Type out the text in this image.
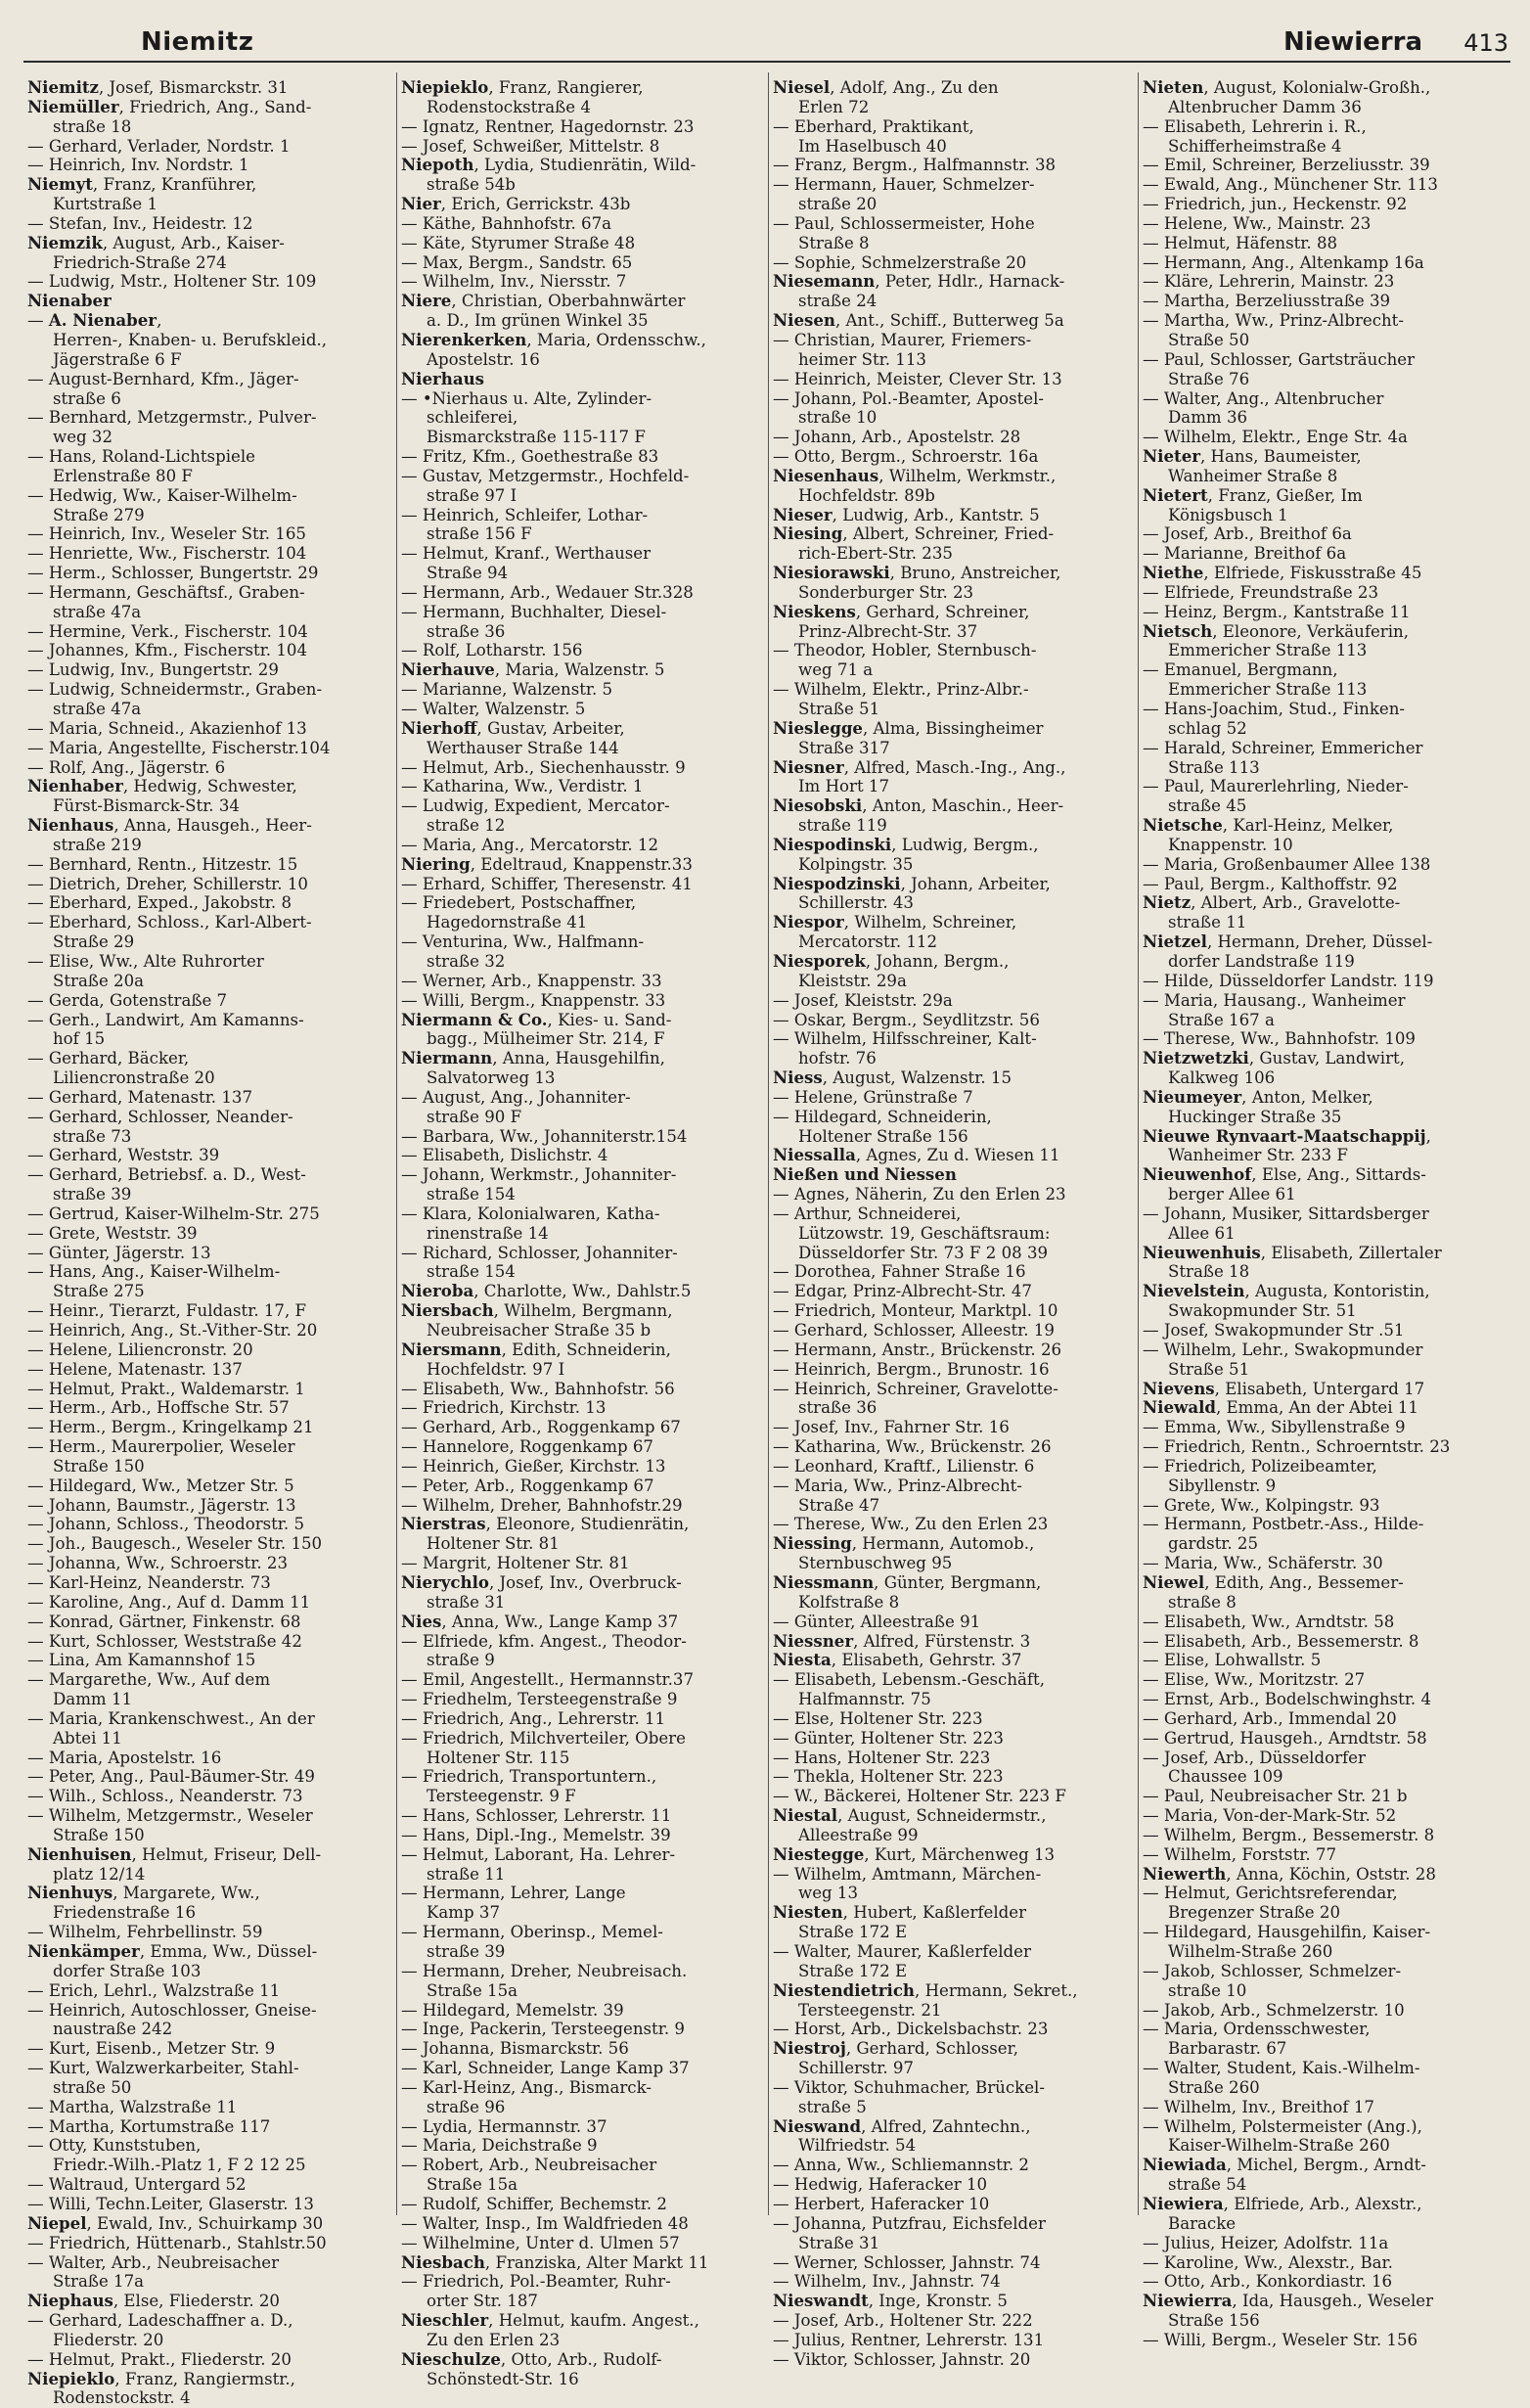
Niemitz	Niewierra 413
Niemitz, Josef, Bismarckstr. 31
Niemüller, Friedrich, Ang., Sand-
straße 18
— Gerhard, Verlader, Nordstr. 1
— Heinrich, Inv. Nordstr. 1
Niemyt, Franz, Kranführer,
Kurtstraße 1
— Stefan, Inv., Heidestr. 12
Niemzik, August, Arb., Kaiser-
Friedrich-Straße 274
— Ludwig, Mstr., Holtener Str. 109
Nienaber
— A. Nienaber,
Herren-, Knaben- u. Berufskleid.,
Jägerstraße 6 F
— August-Bernhard, Kfm., Jäger-
straße 6
— Bernhard, Metzgermstr., Pulver-
weg 32
— Hans, Roland-Lichtspiele
Erlenstraße 80 F
— Hedwig, Ww., Kaiser-Wilhelm-
Straße 279
— Heinrich, Inv., Weseler Str. 165
— Henriette, Ww., Fischerstr. 104
— Herm., Schlosser, Bungertstr. 29
— Hermann, Geschäftsf., Graben-
straße 47a
— Hermine, Verk., Fischerstr. 104
— Johannes, Kfm., Fischerstr. 104
— Ludwig, Inv., Bungertstr. 29
— Ludwig, Schneidermstr., Graben-
straße 47a
— Maria, Schneid., Akazienhof 13
— Maria, Angestellte, Fischerstr.104
— Rolf, Ang., Jägerstr. 6
Nienhaber, Hedwig, Schwester,
Fürst-Bismarck-Str. 34
Nienhaus, Anna, Hausgeh., Heer-
straße 219
— Bernhard, Rentn., Hitzestr. 15
— Dietrich, Dreher, Schillerstr. 10
— Eberhard, Exped., Jakobstr. 8
— Eberhard, Schloss., Karl-Albert-
Straße 29
— Elise, Ww., Alte Ruhrorter
Straße 20a
— Gerda, Gotenstraße 7
— Gerh., Landwirt, Am Kamanns-
hof 15
— Gerhard, Bäcker,
Liliencronstraße 20
— Gerhard, Matenastr. 137
— Gerhard, Schlosser, Neander-
straße 73
— Gerhard, Weststr. 39
— Gerhard, Betriebsf. a. D., West-
straße 39
— Gertrud, Kaiser-Wilhelm-Str. 275
— Grete, Weststr. 39
— Günter, Jägerstr. 13
— Hans, Ang., Kaiser-Wilhelm-
Straße 275
— Heinr., Tierarzt, Fuldastr. 17, F
— Heinrich, Ang., St.-Vither-Str. 20
— Helene, Liliencronstr. 20
— Helene, Matenastr. 137
— Helmut, Prakt., Waldemarstr. 1
— Herm., Arb., Hoffsche Str. 57
— Herm., Bergm., Kringelkamp 21
— Herm., Maurerpolier, Weseler
Straße 150
— Hildegard, Ww., Metzer Str. 5
— Johann, Baumstr., Jägerstr. 13
— Johann, Schloss., Theodorstr. 5
— Joh., Baugesch., Weseler Str. 150
— Johanna, Ww., Schroerstr. 23
— Karl-Heinz, Neanderstr. 73
— Karoline, Ang., Auf d. Damm 11
— Konrad, Gärtner, Finkenstr. 68
— Kurt, Schlosser, Weststraße 42
— Lina, Am Kamannshof 15
— Margarethe, Ww., Auf dem
Damm 11
— Maria, Krankenschwest., An der
Abtei 11
— Maria, Apostelstr. 16
— Peter, Ang., Paul-Bäumer-Str. 49
— Wilh., Schloss., Neanderstr. 73
— Wilhelm, Metzgermstr., Weseler
Straße 150
Nienhuisen, Helmut, Friseur, Dell-
platz 12/14
Nienhuys, Margarete, Ww.,
Friedenstraße 16
— Wilhelm, Fehrbellinstr. 59
Nienkämper, Emma, Ww., Düssel-
dorfer Straße 103
— Erich, Lehrl., Walzstraße 11
— Heinrich, Autoschlosser, Gneise-
naustraße 242
— Kurt, Eisenb., Metzer Str. 9
— Kurt, Walzwerkarbeiter, Stahl-
straße 50
— Martha, Walzstraße 11
— Martha, Kortumstraße 117
— Otty, Kunststuben,
Friedr.-Wilh.-Platz 1, F 2 12 25
— Waltraud, Untergard 52
— Willi, Techn.Leiter, Glaserstr. 13
Niepel, Ewald, Inv., Schuirkamp 30
— Friedrich, Hüttenarb., Stahlstr.50
— Walter, Arb., Neubreisacher
Straße 17a
Niephaus, Else, Fliederstr. 20
— Gerhard, Ladeschaffner a. D.,
Fliederstr. 20
— Helmut, Prakt., Fliederstr. 20
Niepieklo, Franz, Rangiermstr.,
Rodenstockstr. 4
Niepieklo, Franz, Rangierer,
Rodenstockstraße 4
— Ignatz, Rentner, Hagedornstr. 23
— Josef, Schweißer, Mittelstr. 8
Niepoth, Lydia, Studienrätin, Wild-
straße 54b
Nier, Erich, Gerrickstr. 43b
— Käthe, Bahnhofstr. 67a
— Käte, Styrumer Straße 48
— Max, Bergm., Sandstr. 65
— Wilhelm, Inv., Niersstr. 7
Niere, Christian, Oberbahnwärter
a. D., Im grünen Winkel 35
Nierenkerken, Maria, Ordensschw.,
Apostelstr. 16
Nierhaus
— •Nierhaus u. Alte, Zylinder-
schleiferei,
Bismarckstraße 115-117 F
— Fritz, Kfm., Goethestraße 83
— Gustav, Metzgermstr., Hochfeld-
straße 97 I
— Heinrich, Schleifer, Lothar-
straße 156 F
— Helmut, Kranf., Werthauser
Straße 94
— Hermann, Arb., Wedauer Str.328
— Hermann, Buchhalter, Diesel-
straße 36
— Rolf, Lotharstr. 156
Nierhauve, Maria, Walzenstr. 5
— Marianne, Walzenstr. 5
— Walter, Walzenstr. 5
Nierhoff, Gustav, Arbeiter,
Werthauser Straße 144
— Helmut, Arb., Siechenhausstr. 9
— Katharina, Ww., Verdistr. 1
— Ludwig, Expedient, Mercator-
straße 12
— Maria, Ang., Mercatorstr. 12
Niering, Edeltraud, Knappenstr.33
— Erhard, Schiffer, Theresenstr. 41
— Friedebert, Postschaffner,
Hagedornstraße 41
— Venturina, Ww., Halfmann-
straße 32
— Werner, Arb., Knappenstr. 33
— Willi, Bergm., Knappenstr. 33
Niermann & Co., Kies- u. Sand-
bagg., Mülheimer Str. 214, F
Niermann, Anna, Hausgehilfin,
Salvatorweg 13
— August, Ang., Johanniter-
straße 90 F
— Barbara, Ww., Johanniterstr.154
— Elisabeth, Dislichstr. 4
— Johann, Werkmstr., Johanniter-
straße 154
— Klara, Kolonialwaren, Katha-
rinenstraße 14
— Richard, Schlosser, Johanniter-
straße 154
Nieroba, Charlotte, Ww., Dahlstr.5
Niersbach, Wilhelm, Bergmann,
Neubreisacher Straße 35 b
Niersmann, Edith, Schneiderin,
Hochfeldstr. 97 I
— Elisabeth, Ww., Bahnhofstr. 56
— Friedrich, Kirchstr. 13
— Gerhard, Arb., Roggenkamp 67
— Hannelore, Roggenkamp 67
— Heinrich, Gießer, Kirchstr. 13
— Peter, Arb., Roggenkamp 67
— Wilhelm, Dreher, Bahnhofstr.29
Nierstras, Eleonore, Studienrätin,
Holtener Str. 81
— Margrit, Holtener Str. 81
Nierychlo, Josef, Inv., Overbruck-
straße 31
Nies, Anna, Ww., Lange Kamp 37
— Elfriede, kfm. Angest., Theodor-
straße 9
— Emil, Angestellt., Hermannstr.37
— Friedhelm, Tersteegenstraße 9
— Friedrich, Ang., Lehrerstr. 11
— Friedrich, Milchverteiler, Obere
Holtener Str. 115
— Friedrich, Transportuntern.,
Tersteegenstr. 9 F
— Hans, Schlosser, Lehrerstr. 11
— Hans, Dipl.-Ing., Memelstr. 39
— Helmut, Laborant, Ha. Lehrer-
straße 11
— Hermann, Lehrer, Lange
Kamp 37
— Hermann, Oberinsp., Memel-
straße 39
— Hermann, Dreher, Neubreisach.
Straße 15a
— Hildegard, Memelstr. 39
— Inge, Packerin, Tersteegenstr. 9
— Johanna, Bismarckstr. 56
— Karl, Schneider, Lange Kamp 37
— Karl-Heinz, Ang., Bismarck-
straße 96
— Lydia, Hermannstr. 37
— Maria, Deichstraße 9
— Robert, Arb., Neubreisacher
Straße 15a
— Rudolf, Schiffer, Bechemstr. 2
— Walter, Insp., Im Waldfrieden 48
— Wilhelmine, Unter d. Ulmen 57
Niesbach, Franziska, Alter Markt 11
— Friedrich, Pol.-Beamter, Ruhr-
orter Str. 187
Nieschler, Helmut, kaufm. Angest.,
Zu den Erlen 23
Nieschulze, Otto, Arb., Rudolf-
Schönstedt-Str. 16
Niesel, Adolf, Ang., Zu den
Erlen 72
— Eberhard, Praktikant,
Im Haselbusch 40
— Franz, Bergm., Halfmannstr. 38
— Hermann, Hauer, Schmelzer-
straße 20
— Paul, Schlossermeister, Hohe
Straße 8
— Sophie, Schmelzerstraße 20
Niesemann, Peter, Hdlr., Harnack-
straße 24
Niesen, Ant., Schiff., Butterweg 5a
— Christian, Maurer, Friemers-
heimer Str. 113
— Heinrich, Meister, Clever Str. 13
— Johann, Pol.-Beamter, Apostel-
straße 10
— Johann, Arb., Apostelstr. 28
— Otto, Bergm., Schroerstr. 16a
Niesenhaus, Wilhelm, Werkmstr.,
Hochfeldstr. 89b
Nieser, Ludwig, Arb., Kantstr. 5
Niesing, Albert, Schreiner, Fried-
rich-Ebert-Str. 235
Niesiorawski, Bruno, Anstreicher,
Sonderburger Str. 23
Nieskens, Gerhard, Schreiner,
Prinz-Albrecht-Str. 37
— Theodor, Hobler, Sternbusch-
weg 71 a
— Wilhelm, Elektr., Prinz-Albr.-
Straße 51
Nieslegge, Alma, Bissingheimer
Straße 317
Niesner, Alfred, Masch.-Ing., Ang.,
Im Hort 17
Niesobski, Anton, Maschin., Heer-
straße 119
Niespodinski, Ludwig, Bergm.,
Kolpingstr. 35
Niespodzinski, Johann, Arbeiter,
Schillerstr. 43
Niespor, Wilhelm, Schreiner,
Mercatorstr. 112
Niesporek, Johann, Bergm.,
Kleiststr. 29a
— Josef, Kleiststr. 29a
— Oskar, Bergm., Seydlitzstr. 56
— Wilhelm, Hilfsschreiner, Kalt-
hofstr. 76
Niess, August, Walzenstr. 15
— Helene, Grünstraße 7
— Hildegard, Schneiderin,
Holtener Straße 156
Niessalla, Agnes, Zu d. Wiesen 11
Nießen und Niessen
— Agnes, Näherin, Zu den Erlen 23
— Arthur, Schneiderei,
Lützowstr. 19, Geschäftsraum:
Düsseldorfer Str. 73 F 2 08 39
— Dorothea, Fahner Straße 16
— Edgar, Prinz-Albrecht-Str. 47
— Friedrich, Monteur, Marktpl. 10
— Gerhard, Schlosser, Alleestr. 19
— Hermann, Anstr., Brückenstr. 26
— Heinrich, Bergm., Brunostr. 16
— Heinrich, Schreiner, Gravelotte-
straße 36
— Josef, Inv., Fahrner Str. 16
— Katharina, Ww., Brückenstr. 26
— Leonhard, Kraftf., Lilienstr. 6
— Maria, Ww., Prinz-Albrecht-
Straße 47
— Therese, Ww., Zu den Erlen 23
Niessing, Hermann, Automob.,
Sternbuschweg 95
Niessmann, Günter, Bergmann,
Kolfstraße 8
— Günter, Alleestraße 91
Niessner, Alfred, Fürstenstr. 3
Niesta, Elisabeth, Gehrstr. 37
— Elisabeth, Lebensm.-Geschäft,
Halfmannstr. 75
— Else, Holtener Str. 223
— Günter, Holtener Str. 223
— Hans, Holtener Str. 223
— Thekla, Holtener Str. 223
— W., Bäckerei, Holtener Str. 223 F
Niestal, August, Schneidermstr.,
Alleestraße 99
Niestegge, Kurt, Märchenweg 13
— Wilhelm, Amtmann, Märchen-
weg 13
Niesten, Hubert, Kaßlerfelder
Straße 172 E
— Walter, Maurer, Kaßlerfelder
Straße 172 E
Niestendietrich, Hermann, Sekret.,
Tersteegenstr. 21
— Horst, Arb., Dickelsbachstr. 23
Niestroj, Gerhard, Schlosser,
Schillerstr. 97
— Viktor, Schuhmacher, Brückel-
straße 5
Nieswand, Alfred, Zahntechn.,
Wilfriedstr. 54
— Anna, Ww., Schliemannstr. 2
— Hedwig, Haferacker 10
— Herbert, Haferacker 10
— Johanna, Putzfrau, Eichsfelder
Straße 31
— Werner, Schlosser, Jahnstr. 74
— Wilhelm, Inv., Jahnstr. 74
Nieswandt, Inge, Kronstr. 5
— Josef, Arb., Holtener Str. 222
— Julius, Rentner, Lehrerstr. 131
— Viktor, Schlosser, Jahnstr. 20
Nieten, August, Kolonialw-Großh.,
Altenbrucher Damm 36
— Elisabeth, Lehrerin i. R.,
Schifferheimstraße 4
— Emil, Schreiner, Berzeliusstr. 39
— Ewald, Ang., Münchener Str. 113
— Friedrich, jun., Heckenstr. 92
— Helene, Ww., Mainstr. 23
— Helmut, Häfenstr. 88
— Hermann, Ang., Altenkamp 16a
— Kläre, Lehrerin, Mainstr. 23
— Martha, Berzeliusstraße 39
— Martha, Ww., Prinz-Albrecht-
Straße 50
— Paul, Schlosser, Gartsträucher
Straße 76
— Walter, Ang., Altenbrucher
Damm 36
— Wilhelm, Elektr., Enge Str. 4a
Nieter, Hans, Baumeister,
Wanheimer Straße 8
Nietert, Franz, Gießer, Im
Königsbusch 1
— Josef, Arb., Breithof 6a
— Marianne, Breithof 6a
Niethe, Elfriede, Fiskusstraße 45
— Elfriede, Freundstraße 23
— Heinz, Bergm., Kantstraße 11
Nietsch, Eleonore, Verkäuferin,
Emmericher Straße 113
— Emanuel, Bergmann,
Emmericher Straße 113
— Hans-Joachim, Stud., Finken-
schlag 52
— Harald, Schreiner, Emmericher
Straße 113
— Paul, Maurerlehrling, Nieder-
straße 45
Nietsche, Karl-Heinz, Melker,
Knappenstr. 10
— Maria, Großenbaumer Allee 138
— Paul, Bergm., Kalthoffstr. 92
Nietz, Albert, Arb., Gravelotte-
straße 11
Nietzel, Hermann, Dreher, Düssel-
dorfer Landstraße 119
— Hilde, Düsseldorfer Landstr. 119
— Maria, Hausang., Wanheimer
Straße 167 a
— Therese, Ww., Bahnhofstr. 109
Nietzwetzki, Gustav, Landwirt,
Kalkweg 106
Nieumeyer, Anton, Melker,
Huckinger Straße 35
Nieuwe Rynvaart-Maatschappij,
Wanheimer Str. 233 F
Nieuwenhof, Else, Ang., Sittards-
berger Allee 61
— Johann, Musiker, Sittardsberger
Allee 61
Nieuwenhuis, Elisabeth, Zillertaler
Straße 18
Nievelstein, Augusta, Kontoristin,
Swakopmunder Str. 51
— Josef, Swakopmunder Str .51
— Wilhelm, Lehr., Swakopmunder
Straße 51
Nievens, Elisabeth, Untergard 17
Niewald, Emma, An der Abtei 11
— Emma, Ww., Sibyllenstraße 9
— Friedrich, Rentn., Schroerntstr. 23
— Friedrich, Polizeibeamter,
Sibyllenstr. 9
— Grete, Ww., Kolpingstr. 93
— Hermann, Postbetr.-Ass., Hilde-
gardstr. 25
— Maria, Ww., Schäferstr. 30
Niewel, Edith, Ang., Bessemer-
straße 8
— Elisabeth, Ww., Arndtstr. 58
— Elisabeth, Arb., Bessemerstr. 8
— Elise, Lohwallstr. 5
— Elise, Ww., Moritzstr. 27
— Ernst, Arb., Bodelschwinghstr. 4
— Gerhard, Arb., Immendal 20
— Gertrud, Hausgeh., Arndtstr. 58
— Josef, Arb., Düsseldorfer
Chaussee 109
— Paul, Neubreisacher Str. 21 b
— Maria, Von-der-Mark-Str. 52
— Wilhelm, Bergm., Bessemerstr. 8
— Wilhelm, Forststr. 77
Niewerth, Anna, Köchin, Oststr. 28
— Helmut, Gerichtsreferendar,
Bregenzer Straße 20
— Hildegard, Hausgehilfin, Kaiser-
Wilhelm-Straße 260
— Jakob, Schlosser, Schmelzer-
straße 10
— Jakob, Arb., Schmelzerstr. 10
— Maria, Ordensschwester,
Barbarastr. 67
— Walter, Student, Kais.-Wilhelm-
Straße 260
— Wilhelm, Inv., Breithof 17
— Wilhelm, Polstermeister (Ang.),
Kaiser-Wilhelm-Straße 260
Niewiada, Michel, Bergm., Arndt-
straße 54
Niewiera, Elfriede, Arb., Alexstr.,
Baracke
— Julius, Heizer, Adolfstr. 11a
— Karoline, Ww., Alexstr., Bar.
— Otto, Arb., Konkordiastr. 16
Niewierra, Ida, Hausgeh., Weseler
Straße 156
— Willi, Bergm., Weseler Str. 156
